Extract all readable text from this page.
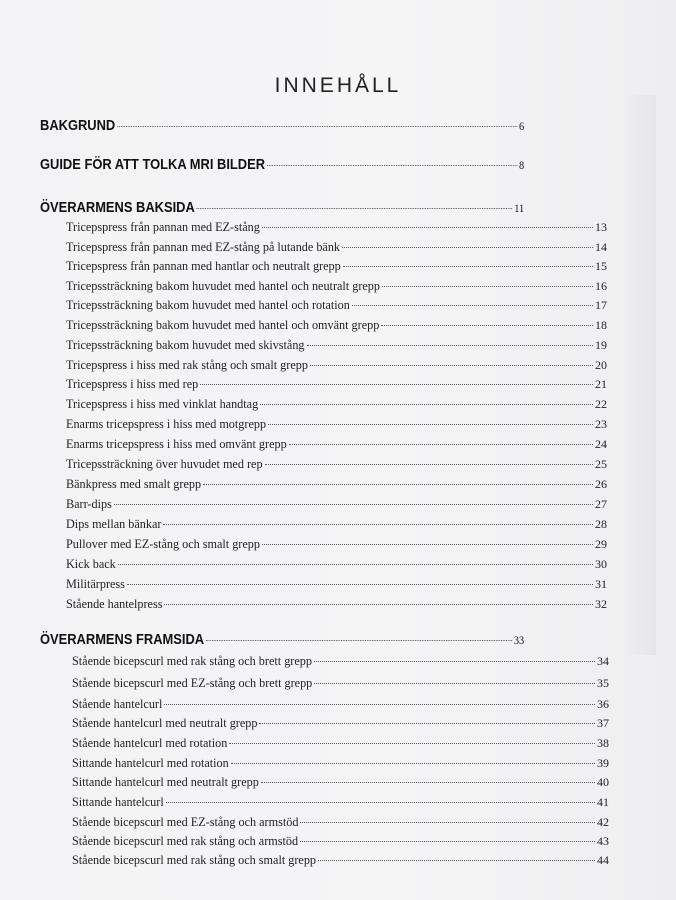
INNEHÅLL
BAKGRUND	6
GUIDE FÖR ATT TOLKA MRI BILDER	8
ÖVERARMENS BAKSIDA	11
Tricepspress från pannan med EZ-stång	13
Tricepspress från pannan med EZ-stång på lutande bänk	14
Tricepspress från pannan med hantlar och neutralt grepp	15
Tricepssträckning bakom huvudet med hantel och neutralt grepp	16
Tricepssträckning bakom huvudet med hantel och rotation	17
Tricepssträckning bakom huvudet med hantel och omvänt grepp	18
Tricepssträckning bakom huvudet med skivstång	19
Tricepspress i hiss med rak stång och smalt grepp	20
Tricepspress i hiss med rep	21
Tricepspress i hiss med vinklat handtag	22
Enarms tricepspress i hiss med motgrepp	23
Enarms tricepspress i hiss med omvänt grepp	24
Tricepssträckning över huvudet med rep	25
Bänkpress med smalt grepp	26
Barr-dips	27
Dips mellan bänkar	28
Pullover med EZ-stång och smalt grepp	29
Kick back	30
Militärpress	31
Stående hantelpress	32
ÖVERARMENS FRAMSIDA	33
Stående bicepscurl med rak stång och brett grepp	34
Stående bicepscurl med EZ-stång och brett grepp	35
Stående hantelcurl	36
Stående hantelcurl med neutralt grepp	37
Stående hantelcurl med rotation	38
Sittande hantelcurl med rotation	39
Sittande hantelcurl med neutralt grepp	40
Sittande hantelcurl	41
Stående bicepscurl med EZ-stång och armstöd	42
Stående bicepscurl med rak stång och armstöd	43
Stående bicepscurl med rak stång och smalt grepp	44
